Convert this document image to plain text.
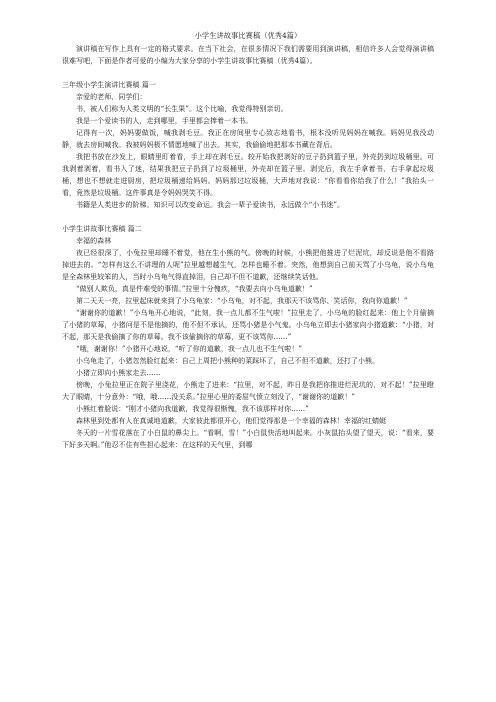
小学生讲故事比赛稿（优秀4篇）

演讲稿在写作上具有一定的格式要求。在当下社会，在很多情况下我们需要用到演讲稿，相信许多人会觉得演讲稿很难写吧，下面是作者可爱的小编为大家分享的小学生讲故事比赛稿（优秀4篇）。

三年级小学生演讲比赛稿 篇一

亲爱的老师、同学们：

书，被人们称为人类文明的“长生果”。这个比喻，我觉得特别亲切。

我是一个爱读书的人，走到哪里，手里都会捧着一本书。

记得有一次，妈妈要做饭，喊我剥毛豆。我正在房间里专心致志地看书，根本没听见妈妈在喊我。妈妈见我没动静，就去房间喊我。我被妈妈极不情愿地喊了出去。其实，我偷偷地把那本书藏在背后。

我把书放在沙发上，眼睛里盯着看，手上却在剥毛豆。较开始我把剥好的豆子扔到篮子里，外壳扔到垃圾桶里。可我剥着剥着，看书入了迷，结果我把豆子扔到了垃圾桶里，外壳却在篮子里。剥完后，我左手拿着书，右手拿起垃圾桶，想也不想就走进厨房，把垃圾桶递给妈妈。妈妈那过垃圾桶，大声地对我说：“你看看你给我了什么！”我抬头一看，竟然是垃圾桶。这件事真是令妈妈哭笑不得。

书籍是人类进步的阶梯。知识可以改变命运。我会一辈子爱读书，永远做个“小书迷”。

小学生讲故事比赛稿 篇二

幸福的森林

夜已经很深了，小兔拉里却睡不着觉，他在生小熊的气。傍晚的时候，小熊把他推进了烂泥坑，却反说是他不看路掉进去的。“怎样有这么不讲理的人呢”拉里越想越生气，怎样也睡不着。突然，他想到自己前天骂了小乌龟，说小乌龟是全森林里较笨的人，当时小乌龟气得直掉泪，自己却不但不道歉，还继续笑话他。

“做别人欺负，真是件难受的事情。”拉里十分愧疚，“我要去向小乌龟道歉！”

第二天天一亮，拉里起床就来到了小乌龟家：“小乌龟，对不起，我那天不该骂你、笑话你，我向你道歉！”

“谢谢你的道歉！”小乌龟开心地说，“此刻，我一点儿都不生气啦！”拉里走了，小乌龟的脸红起来：他上个月偷摘了小猪的草莓，小猪问是不是他摘的，他不但不承认，还骂小猪是小气鬼。小乌龟立即去小猪家向小猪道歉：“小猪，对不起，那天是我偷摘了你的草莓。我不该偷摘你的草莓，更不该骂你……”

“哦，谢谢你！”小猪开心地说，“听了你的道歉，我一点儿也不生气啦！”

小乌龟走了，小猪忽然脸红起来：自己上周把小熊种的菜踩坏了，自己不但不道歉，还打了小熊。

小猪立即向小熊家走去……

傍晚，小兔拉里正在院子里浇花，小熊走了进来：“拉里，对不起，昨日是我把你推进烂泥坑的，对不起！”拉里瞪大了眼睛，十分意外：“哦，哦……没关系。”拉里心里的委屈气愤立刻没了，“谢谢你的道歉！”

小熊红着脸说：“刚才小猪向我道歉，我觉得很惭愧，我不该那样对你……”

森林里到处都有人在真诚地道歉，大家彼此都很开心，他们觉得那是一个幸福的森林！幸福的红蜻蜓

冬天的一片雪花落在了小白鼠的鼻尖上。“看啊，雪！”小白鼠快活地叫起来。小灰鼠抬头望了望天，说：“看来，要下好多天啊。”他忍不住有些担心起来：在这样的天气里，到哪
